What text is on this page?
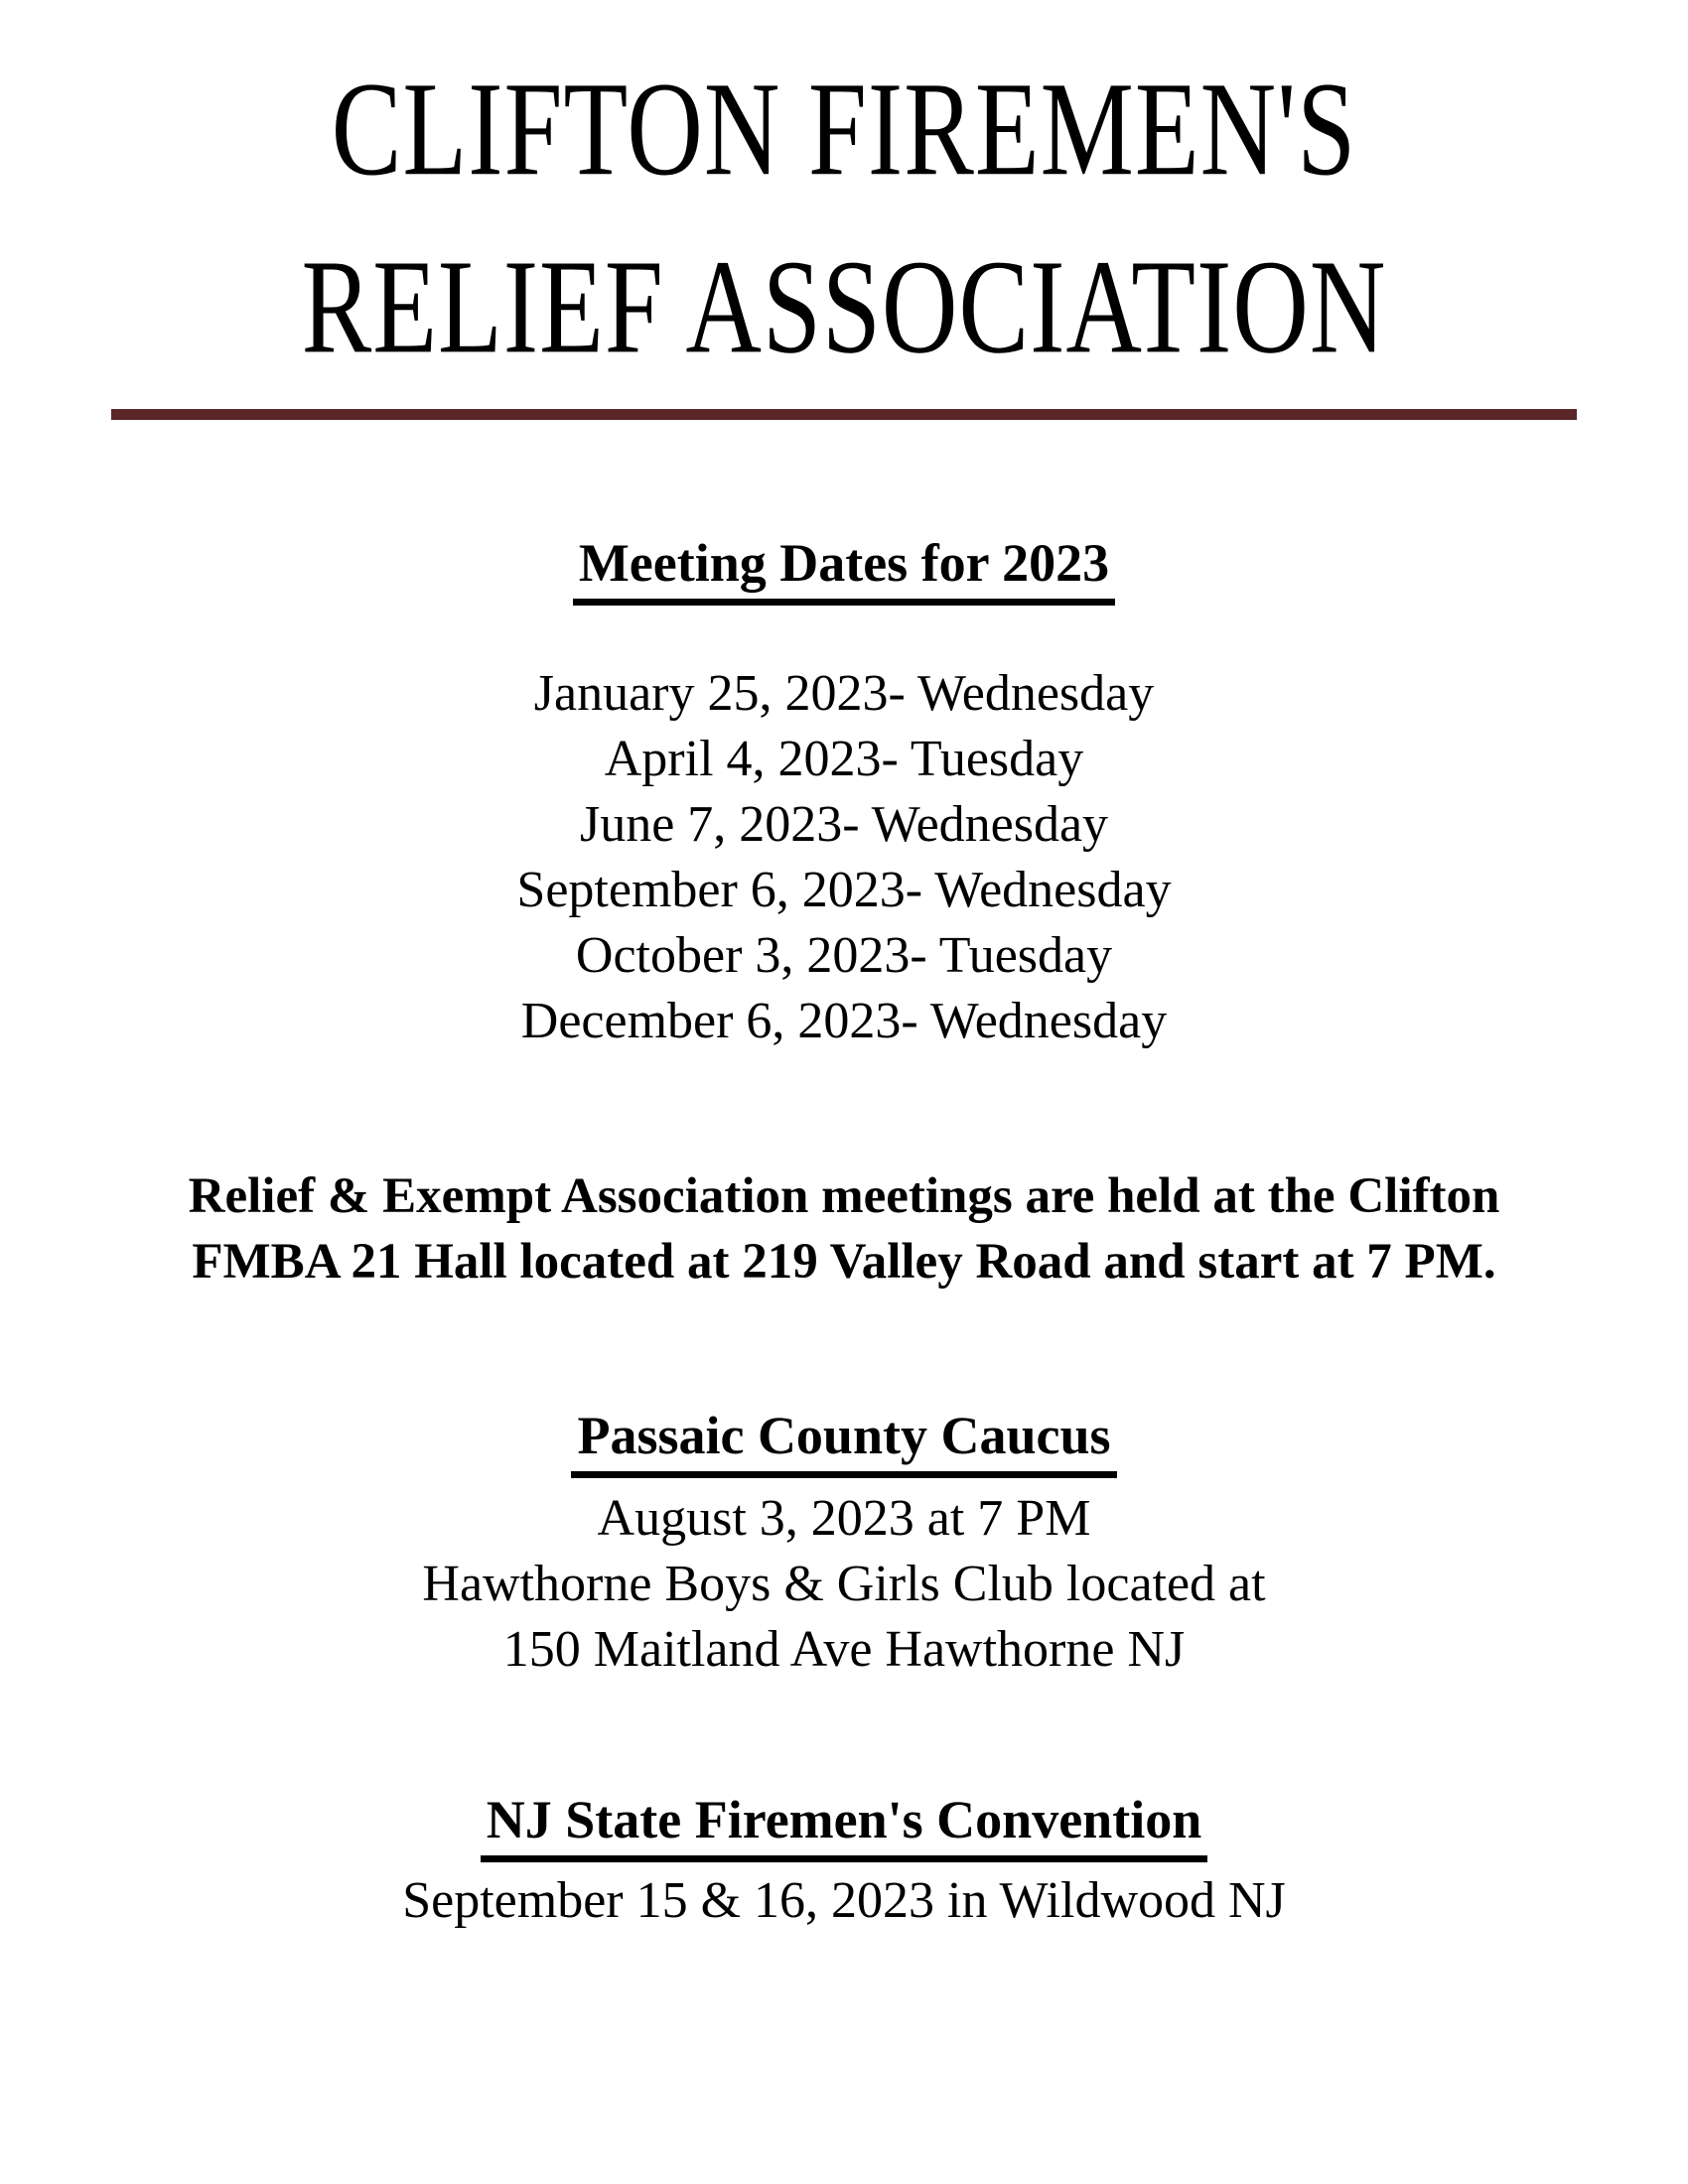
CLIFTON FIREMEN'S
RELIEF ASSOCIATION
Meeting Dates for 2023
January 25, 2023- Wednesday
April 4, 2023- Tuesday
June 7, 2023- Wednesday
September 6, 2023- Wednesday
October 3, 2023- Tuesday
December 6, 2023- Wednesday
Relief & Exempt Association meetings are held at the Clifton
FMBA 21 Hall located at 219 Valley Road and start at 7 PM.
Passaic County Caucus
August 3, 2023 at 7 PM
Hawthorne Boys & Girls Club located at
150 Maitland Ave Hawthorne NJ
NJ State Firemen's Convention
September 15 & 16, 2023 in Wildwood NJ
